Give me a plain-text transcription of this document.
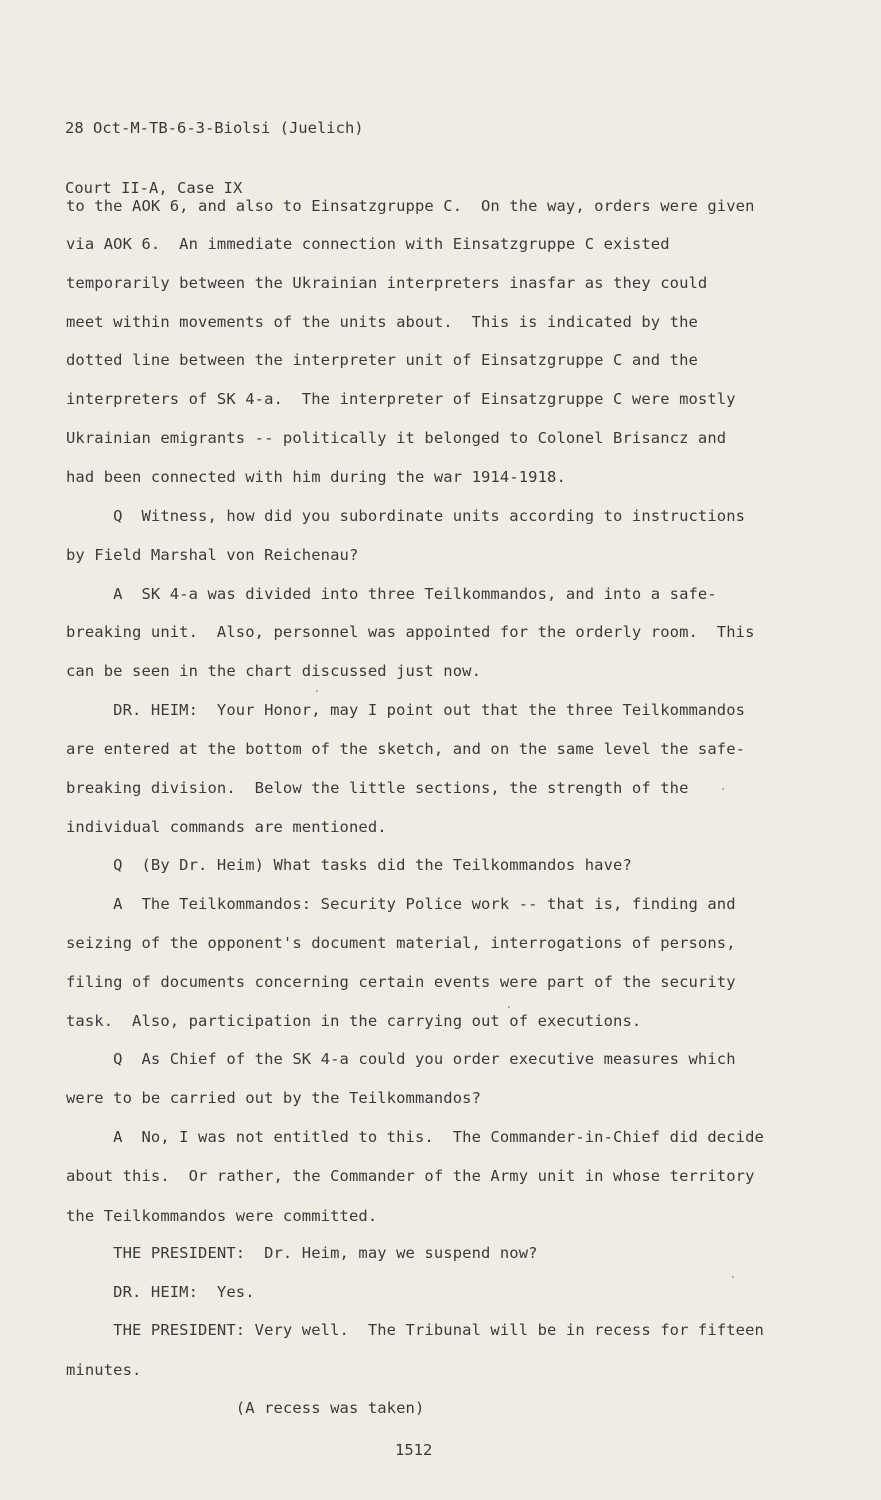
28 Oct-M-TB-6-3-Biolsi (Juelich)

Court II-A, Case IX

to the AOK 6, and also to Einsatzgruppe C.  On the way, orders were given
via AOK 6.  An immediate connection with Einsatzgruppe C existed
temporarily between the Ukrainian interpreters inasfar as they could
meet within movements of the units about.  This is indicated by the
dotted line between the interpreter unit of Einsatzgruppe C and the
interpreters of SK 4-a.  The interpreter of Einsatzgruppe C were mostly
Ukrainian emigrants -- politically it belonged to Colonel Brisancz and
had been connected with him during the war 1914-1918.
Q  Witness, how did you subordinate units according to instructions
by Field Marshal von Reichenau?
A  SK 4-a was divided into three Teilkommandos, and into a safe-
breaking unit.  Also, personnel was appointed for the orderly room.  This
can be seen in the chart discussed just now.
DR. HEIM:  Your Honor, may I point out that the three Teilkommandos
are entered at the bottom of the sketch, and on the same level the safe-
breaking division.  Below the little sections, the strength of the
individual commands are mentioned.
Q  (By Dr. Heim) What tasks did the Teilkommandos have?
A  The Teilkommandos: Security Police work -- that is, finding and
seizing of the opponent's document material, interrogations of persons,
filing of documents concerning certain events were part of the security
task.  Also, participation in the carrying out of executions.
Q  As Chief of the SK 4-a could you order executive measures which
were to be carried out by the Teilkommandos?
A  No, I was not entitled to this.  The Commander-in-Chief did decide
about this.  Or rather, the Commander of the Army unit in whose territory
the Teilkommandos were committed.
THE PRESIDENT:  Dr. Heim, may we suspend now?
DR. HEIM:  Yes.
THE PRESIDENT: Very well.  The Tribunal will be in recess for fifteen
minutes.
(A recess was taken)
1512
